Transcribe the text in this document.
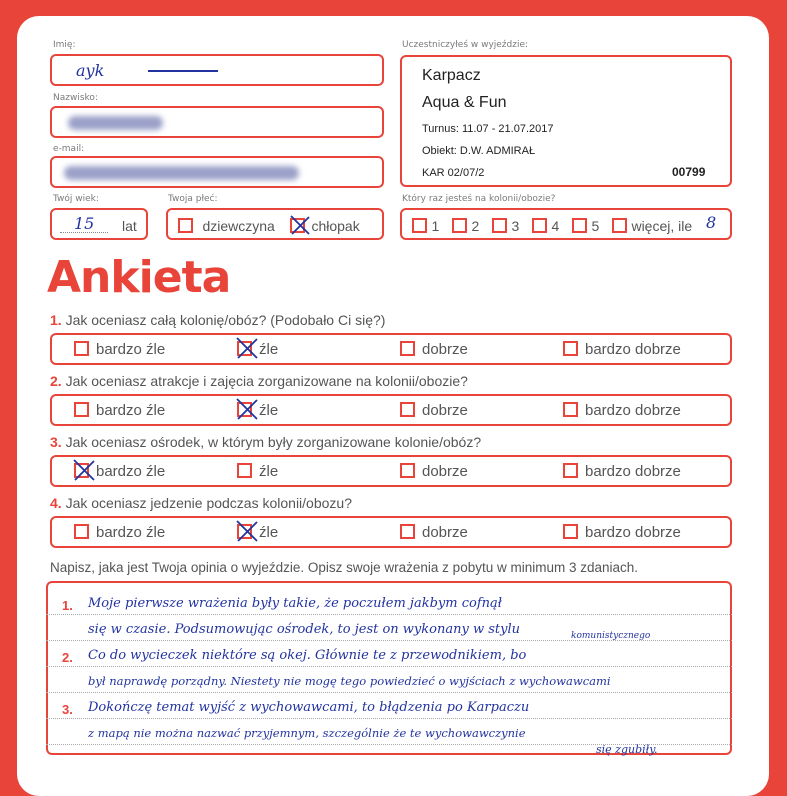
Imię:
ayk
Nazwisko:
e-mail:
Twój wiek:
15 lat
Twoja płeć:
dziewczyna	chłopak
Uczestniczyłeś w wyjeździe:
Karpacz
Aqua & Fun
Turnus: 11.07 - 21.07.2017
Obiekt: D.W. ADMIRAŁ
KAR 02/07/2	00799
Który raz jesteś na kolonii/obozie?
1	2	3	4	5	więcej, ile 8
Ankieta
1. Jak oceniasz całą kolonię/obóz? (Podobało Ci się?)
bardzo źle	źle	dobrze	bardzo dobrze
2. Jak oceniasz atrakcje i zajęcia zorganizowane na kolonii/obozie?
bardzo źle	źle	dobrze	bardzo dobrze
3. Jak oceniasz ośrodek, w którym były zorganizowane kolonie/obóz?
bardzo źle	źle	dobrze	bardzo dobrze
4. Jak oceniasz jedzenie podczas kolonii/obozu?
bardzo źle	źle	dobrze	bardzo dobrze
Napisz, jaka jest Twoja opinia o wyjeździe. Opisz swoje wrażenia z pobytu w minimum 3 zdaniach.
1.
2.
3.
Moje pierwsze wrażenia były takie, że poczułem jakbym cofnął
się w czasie. Podsumowując ośrodek, to jest on wykonany w stylu
Co do wycieczek niektóre są okej. Głównie te z przewodnikiem, bo
był naprawdę porządny. Niestety nie mogę tego powiedzieć o wyjściach z wychowawcami
Dokończę temat wyjść z wychowawcami, to błądzenia po Karpaczu
z mapą nie można nazwać przyjemnym, szczególnie że te wychowawczynie
się zgubiły.
komunistycznego
